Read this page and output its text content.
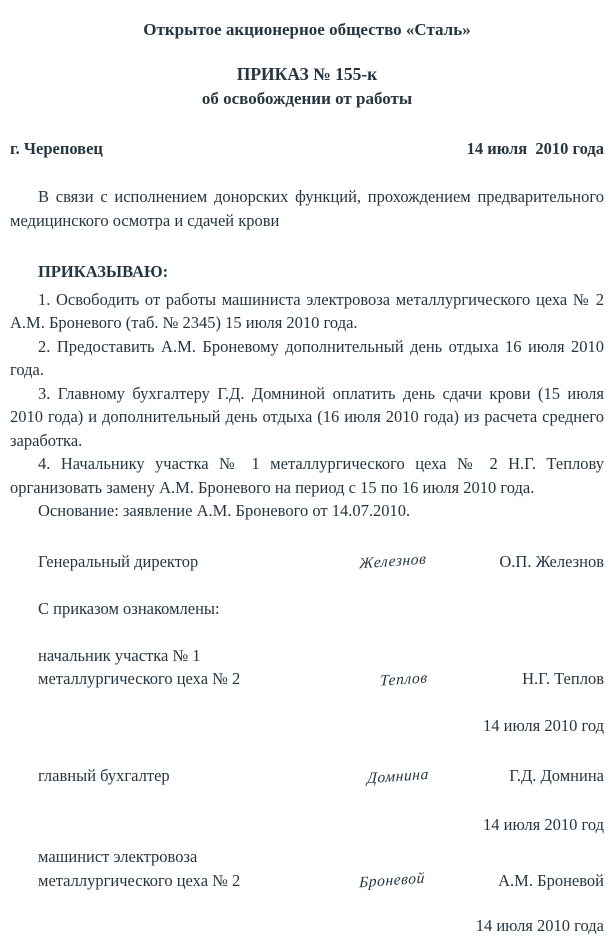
Открытое акционерное общество «Сталь»
ПРИКАЗ № 155-к
об освобождении от работы
г. Череповец	14 июля  2010 года

В связи с исполнением донорских функций, прохождением предварительного медицинского осмотра и сдачей крови

ПРИКАЗЫВАЮ:

1. Освободить от работы машиниста электровоза металлургического цеха № 2 А.М. Броневого (таб. № 2345) 15 июля 2010 года.

2. Предоставить А.М. Броневому дополнительный день отдыха 16 июля 2010 года.

3. Главному бухгалтеру Г.Д. Домниной оплатить день сдачи крови (15 июля 2010 года) и дополнительный день отдыха (16 июля 2010 года) из расчета среднего заработка.

4. Начальнику участка № 1 металлургического цеха № 2 Н.Г. Теплову организовать замену А.М. Броневого на период с 15 по 16 июля 2010 года.

Основание: заявление А.М. Броневого от 14.07.2010.

Генеральный директор	Железнов	О.П. Железнов
С приказом ознакомлены:
начальник участка № 1
металлургического цеха № 2	Теплов	Н.Г. Теплов
14 июля 2010 год
главный бухгалтер	Домнина	Г.Д. Домнина
14 июля 2010 год
машинист электровоза
металлургического цеха № 2	Броневой	А.М. Броневой
14 июля 2010 года
